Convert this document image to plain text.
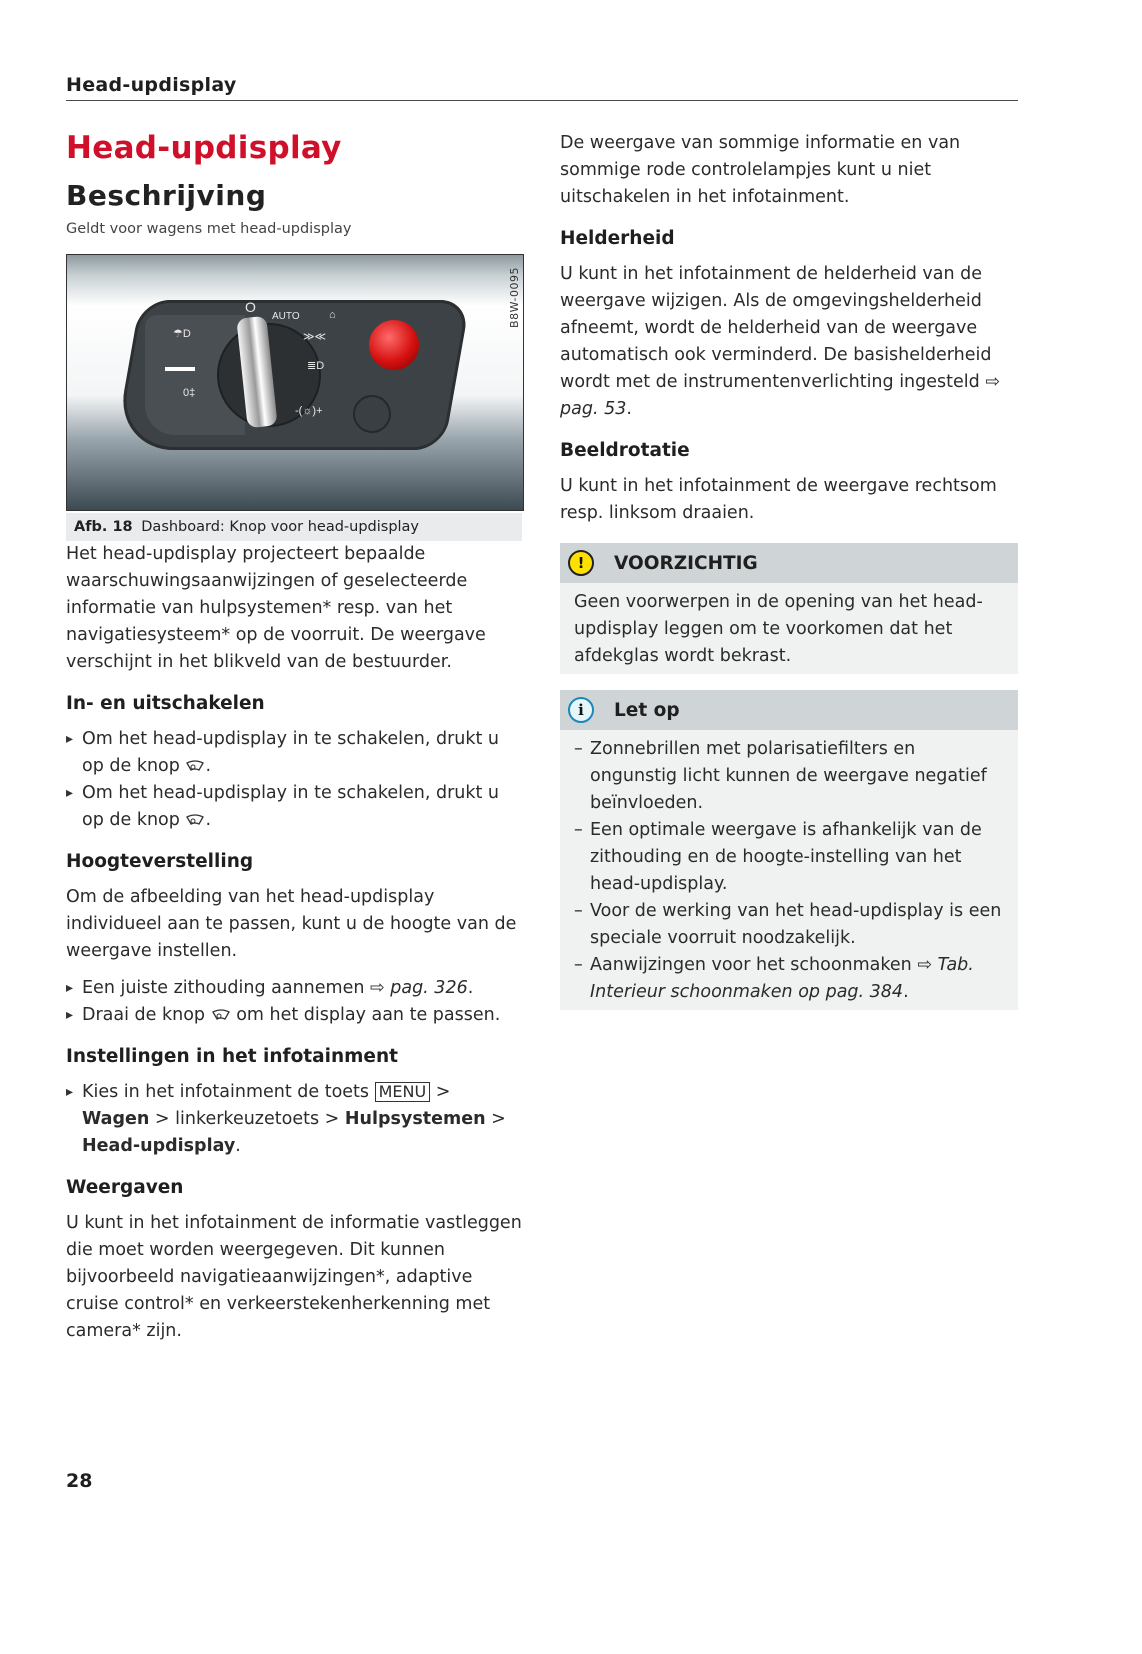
Head-updisplay
Head-updisplay
Beschrijving
Geldt voor wagens met head-updisplay
O
AUTO
-(☼)+
☂D
0‡
≫≪
≣D
⌂	B8W-0095
Afb. 18 Dashboard: Knop voor head-updisplay

Het head-updisplay projecteert bepaalde waarschuwingsaanwijzingen of geselecteerde informatie van hulpsystemen* resp. van het navigatiesysteem* op de voorruit. De weergave verschijnt in het blikveld van de bestuurder.

In- en uitschakelen
▸ Om het head-updisplay in te schakelen, drukt u op de knop .
▸ Om het head-updisplay in te schakelen, drukt u op de knop .
Hoogteverstelling

Om de afbeelding van het head-updisplay individueel aan te passen, kunt u de hoogte van de weergave instellen.

▸ Een juiste zithouding aannemen ⇨ pag. 326.
▸ Draai de knop om het display aan te passen.
Instellingen in het infotainment
▸ Kies in het infotainment de toets MENU > Wagen > linkerkeuzetoets > Hulpsystemen > Head-updisplay.
Weergaven

U kunt in het infotainment de informatie vastleggen die moet worden weergegeven. Dit kunnen bijvoorbeeld navigatieaanwijzingen*, adaptive cruise control* en verkeerstekenherkenning met camera* zijn.

De weergave van sommige informatie en van sommige rode controlelampjes kunt u niet uitschakelen in het infotainment.

Helderheid

U kunt in het infotainment de helderheid van de weergave wijzigen. Als de omgevingshelderheid afneemt, wordt de helderheid van de weergave automatisch ook verminderd. De basishelderheid wordt met de instrumentenverlichting ingesteld ⇨ pag. 53.

Beeldrotatie

U kunt in het infotainment de weergave rechtsom resp. linksom draaien.

!	VOORZICHTIG
Geen voorwerpen in de opening van het head-updisplay leggen om te voorkomen dat het afdekglas wordt bekrast.
i	Let op
– Zonnebrillen met polarisatiefilters en ongunstig licht kunnen de weergave negatief beïnvloeden.
– Een optimale weergave is afhankelijk van de zithouding en de hoogte-instelling van het head-updisplay.
– Voor de werking van het head-updisplay is een speciale voorruit noodzakelijk.
– Aanwijzingen voor het schoonmaken ⇨ Tab. Interieur schoonmaken op pag. 384.
28
